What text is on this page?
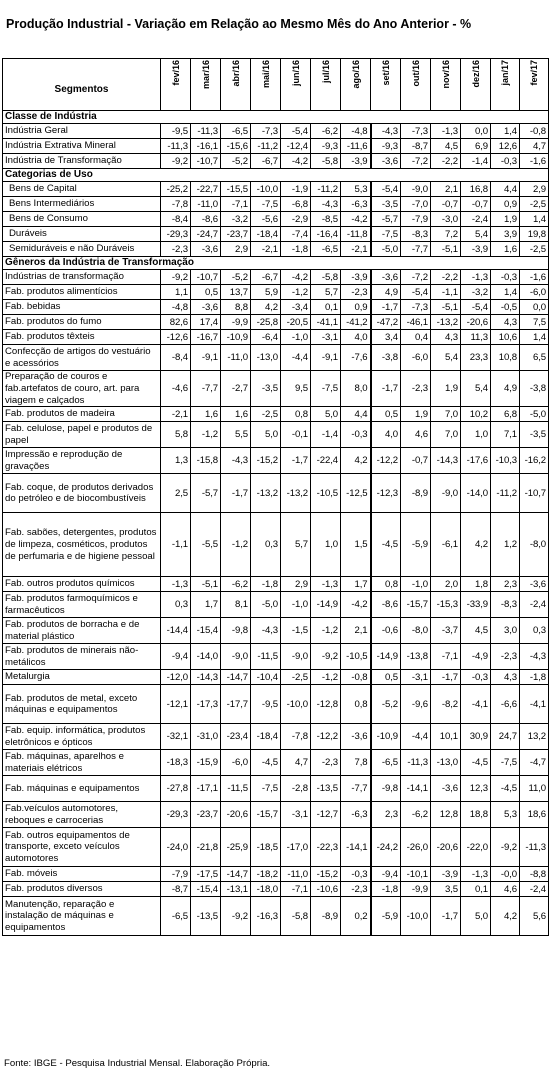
Produção Industrial - Variação em Relação ao Mesmo Mês do Ano Anterior - %
Segmentos	fev/16	mar/16	abr/16	mai/16	jun/16	jul/16	ago/16	set/16	out/16	nov/16	dez/16	jan/17	fev/17
Classe de Indústria													
Indústria Geral	-9,5	-11,3	-6,5	-7,3	-5,4	-6,2	-4,8	-4,3	-7,3	-1,3	0,0	1,4	-0,8
Indústria Extrativa Mineral	-11,3	-16,1	-15,6	-11,2	-12,4	-9,3	-11,6	-9,3	-8,7	4,5	6,9	12,6	4,7
Indústria de Transformação	-9,2	-10,7	-5,2	-6,7	-4,2	-5,8	-3,9	-3,6	-7,2	-2,2	-1,4	-0,3	-1,6
Categorias de Uso													
Bens de Capital	-25,2	-22,7	-15,5	-10,0	-1,9	-11,2	5,3	-5,4	-9,0	2,1	16,8	4,4	2,9
Bens Intermediários	-7,8	-11,0	-7,1	-7,5	-6,8	-4,3	-6,3	-3,5	-7,0	-0,7	-0,7	0,9	-2,5
Bens de Consumo	-8,4	-8,6	-3,2	-5,6	-2,9	-8,5	-4,2	-5,7	-7,9	-3,0	-2,4	1,9	1,4
Duráveis	-29,3	-24,7	-23,7	-18,4	-7,4	-16,4	-11,8	-7,5	-8,3	7,2	5,4	3,9	19,8
Semiduráveis e não Duráveis	-2,3	-3,6	2,9	-2,1	-1,8	-6,5	-2,1	-5,0	-7,7	-5,1	-3,9	1,6	-2,5
Gêneros da Indústria de Transformação													
Indústrias de transformação	-9,2	-10,7	-5,2	-6,7	-4,2	-5,8	-3,9	-3,6	-7,2	-2,2	-1,3	-0,3	-1,6
Fab. produtos alimentícios	1,1	0,5	13,7	5,9	-1,2	5,7	-2,3	4,9	-5,4	-1,1	-3,2	1,4	-6,0
Fab. bebidas	-4,8	-3,6	8,8	4,2	-3,4	0,1	0,9	-1,7	-7,3	-5,1	-5,4	-0,5	0,0
Fab. produtos do fumo	82,6	17,4	-9,9	-25,8	-20,5	-41,1	-41,2	-47,2	-46,1	-13,2	-20,6	4,3	7,5
Fab. produtos têxteis	-12,6	-16,7	-10,9	-6,4	-1,0	-3,1	4,0	3,4	0,4	4,3	11,3	10,6	1,4
Confecção de artigos do vestuário e acessórios	-8,4	-9,1	-11,0	-13,0	-4,4	-9,1	-7,6	-3,8	-6,0	5,4	23,3	10,8	6,5
Preparação de couros e fab.artefatos de couro, art. para viagem e calçados	-4,6	-7,7	-2,7	-3,5	9,5	-7,5	8,0	-1,7	-2,3	1,9	5,4	4,9	-3,8
Fab. produtos de madeira	-2,1	1,6	1,6	-2,5	0,8	5,0	4,4	0,5	1,9	7,0	10,2	6,8	-5,0
Fab. celulose, papel e produtos de papel	5,8	-1,2	5,5	5,0	-0,1	-1,4	-0,3	4,0	4,6	7,0	1,0	7,1	-3,5
Impressão e reprodução de gravações	1,3	-15,8	-4,3	-15,2	-1,7	-22,4	4,2	-12,2	-0,7	-14,3	-17,6	-10,3	-16,2
Fab. coque, de produtos derivados do petróleo e de biocombustíveis	2,5	-5,7	-1,7	-13,2	-13,2	-10,5	-12,5	-12,3	-8,9	-9,0	-14,0	-11,2	-10,7
Fab. sabões, detergentes, produtos de limpeza, cosméticos, produtos de perfumaria e de higiene pessoal	-1,1	-5,5	-1,2	0,3	5,7	1,0	1,5	-4,5	-5,9	-6,1	4,2	1,2	-8,0
Fab. outros produtos químicos	-1,3	-5,1	-6,2	-1,8	2,9	-1,3	1,7	0,8	-1,0	2,0	1,8	2,3	-3,6
Fab. produtos farmoquímicos e farmacêuticos	0,3	1,7	8,1	-5,0	-1,0	-14,9	-4,2	-8,6	-15,7	-15,3	-33,9	-8,3	-2,4
Fab. produtos de borracha e de material plástico	-14,4	-15,4	-9,8	-4,3	-1,5	-1,2	2,1	-0,6	-8,0	-3,7	4,5	3,0	0,3
Fab. produtos de minerais não-metálicos	-9,4	-14,0	-9,0	-11,5	-9,0	-9,2	-10,5	-14,9	-13,8	-7,1	-4,9	-2,3	-4,3
Metalurgia	-12,0	-14,3	-14,7	-10,4	-2,5	-1,2	-0,8	0,5	-3,1	-1,7	-0,3	4,3	-1,8
Fab. produtos de metal, exceto máquinas e equipamentos	-12,1	-17,3	-17,7	-9,5	-10,0	-12,8	0,8	-5,2	-9,6	-8,2	-4,1	-6,6	-4,1
Fab. equip. informática, produtos eletrônicos e ópticos	-32,1	-31,0	-23,4	-18,4	-7,8	-12,2	-3,6	-10,9	-4,4	10,1	30,9	24,7	13,2
Fab. máquinas, aparelhos e materiais elétricos	-18,3	-15,9	-6,0	-4,5	4,7	-2,3	7,8	-6,5	-11,3	-13,0	-4,5	-7,5	-4,7
Fab. máquinas e equipamentos	-27,8	-17,1	-11,5	-7,5	-2,8	-13,5	-7,7	-9,8	-14,1	-3,6	12,3	-4,5	11,0
Fab.veículos automotores, reboques e carrocerias	-29,3	-23,7	-20,6	-15,7	-3,1	-12,7	-6,3	2,3	-6,2	12,8	18,8	5,3	18,6
Fab. outros equipamentos de transporte, exceto veículos automotores	-24,0	-21,8	-25,9	-18,5	-17,0	-22,3	-14,1	-24,2	-26,0	-20,6	-22,0	-9,2	-11,3
Fab. móveis	-7,9	-17,5	-14,7	-18,2	-11,0	-15,2	-0,3	-9,4	-10,1	-3,9	-1,3	-0,0	-8,8
Fab. produtos diversos	-8,7	-15,4	-13,1	-18,0	-7,1	-10,6	-2,3	-1,8	-9,9	3,5	0,1	4,6	-2,4
Manutenção, reparação e instalação de máquinas e equipamentos	-6,5	-13,5	-9,2	-16,3	-5,8	-8,9	0,2	-5,9	-10,0	-1,7	5,0	4,2	5,6
Fonte: IBGE - Pesquisa Industrial Mensal. Elaboração Própria.
